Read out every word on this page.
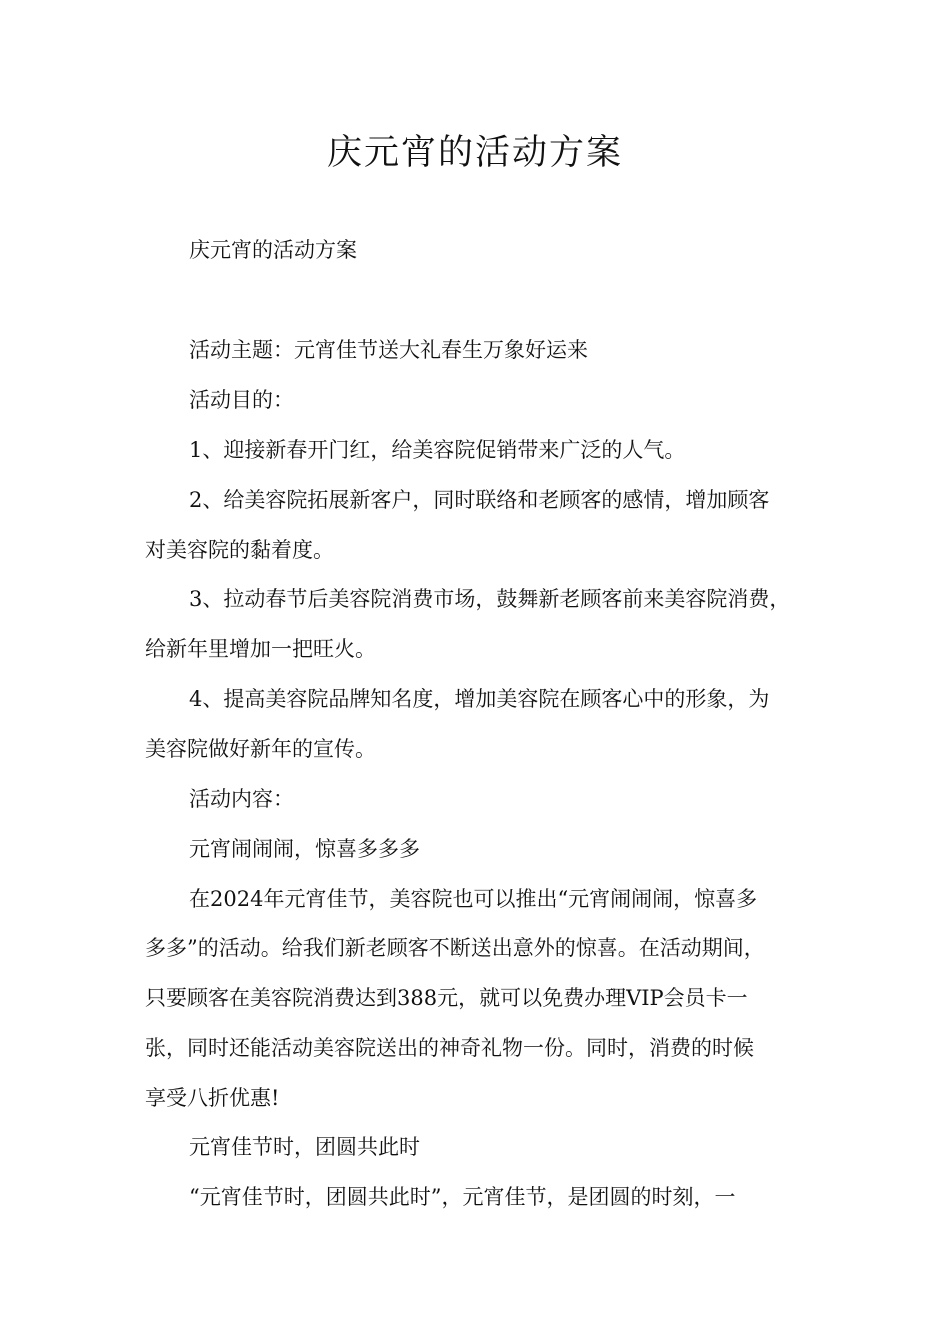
庆元宵的活动方案
庆元宵的活动方案
活动主题：元宵佳节送大礼春生万象好运来
活动目的：
1、迎接新春开门红，给美容院促销带来广泛的人气。
2、给美容院拓展新客户，同时联络和老顾客的感情，增加顾客
对美容院的黏着度。
3、拉动春节后美容院消费市场，鼓舞新老顾客前来美容院消费，
给新年里增加一把旺火。
4、提高美容院品牌知名度，增加美容院在顾客心中的形象，为
美容院做好新年的宣传。
活动内容：
元宵闹闹闹，惊喜多多多
在2024年元宵佳节，美容院也可以推出“元宵闹闹闹，惊喜多
多多”的活动。给我们新老顾客不断送出意外的惊喜。在活动期间，
只要顾客在美容院消费达到388元，就可以免费办理VIP会员卡一
张，同时还能活动美容院送出的神奇礼物一份。同时，消费的时候
享受八折优惠!
元宵佳节时，团圆共此时
“元宵佳节时，团圆共此时”，元宵佳节，是团圆的时刻，一
